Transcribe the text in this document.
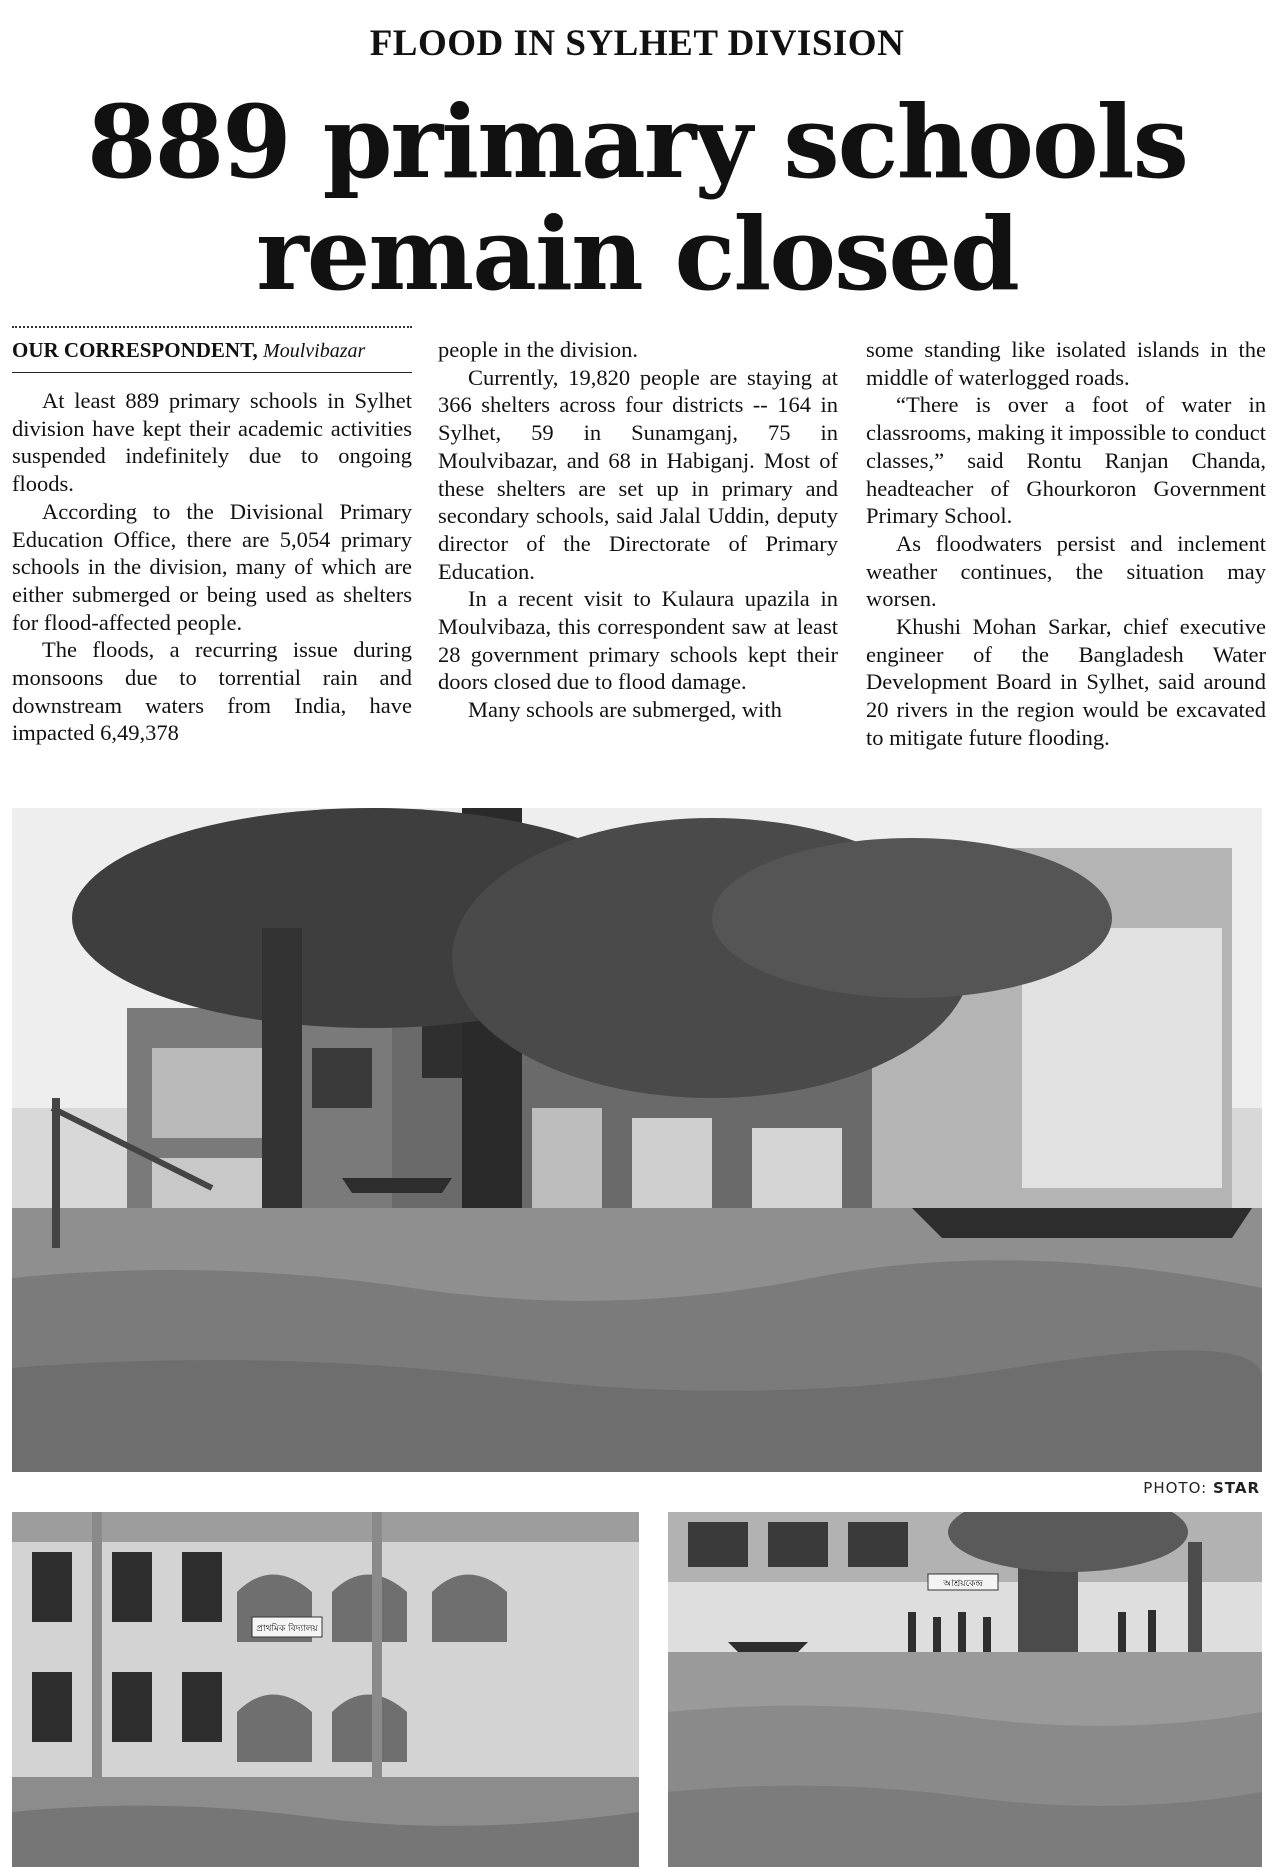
FLOOD IN SYLHET DIVISION
889 primary schools
remain closed
OUR CORRESPONDENT, Moulvibazar

At least 889 primary schools in Sylhet division have kept their academic activities suspended indefinitely due to ongoing floods.

According to the Divisional Primary Education Office, there are 5,054 primary schools in the division, many of which are either submerged or being used as shelters for flood-affected people.

The floods, a recurring issue during monsoons due to torrential rain and downstream waters from India, have impacted 6,49,378

people in the division.

Currently, 19,820 people are staying at 366 shelters across four districts -- 164 in Sylhet, 59 in Sunamganj, 75 in Moulvibazar, and 68 in Habiganj. Most of these shelters are set up in primary and secondary schools, said Jalal Uddin, deputy director of the Directorate of Primary Education.

In a recent visit to Kulaura upazila in Moulvibaza, this correspondent saw at least 28 government primary schools kept their doors closed due to flood damage.

Many schools are submerged, with

some standing like isolated islands in the middle of waterlogged roads.

“There is over a foot of water in classrooms, making it impossible to conduct classes,” said Rontu Ranjan Chanda, headteacher of Ghourkoron Government Primary School.

As floodwaters persist and inclement weather continues, the situation may worsen.

Khushi Mohan Sarkar, chief executive engineer of the Bangladesh Water Development Board in Sylhet, said around 20 rivers in the region would be excavated to mitigate future flooding.

PHOTO: STAR
প্রাথমিক বিদ্যালয়
আশ্রয়কেন্দ্র
